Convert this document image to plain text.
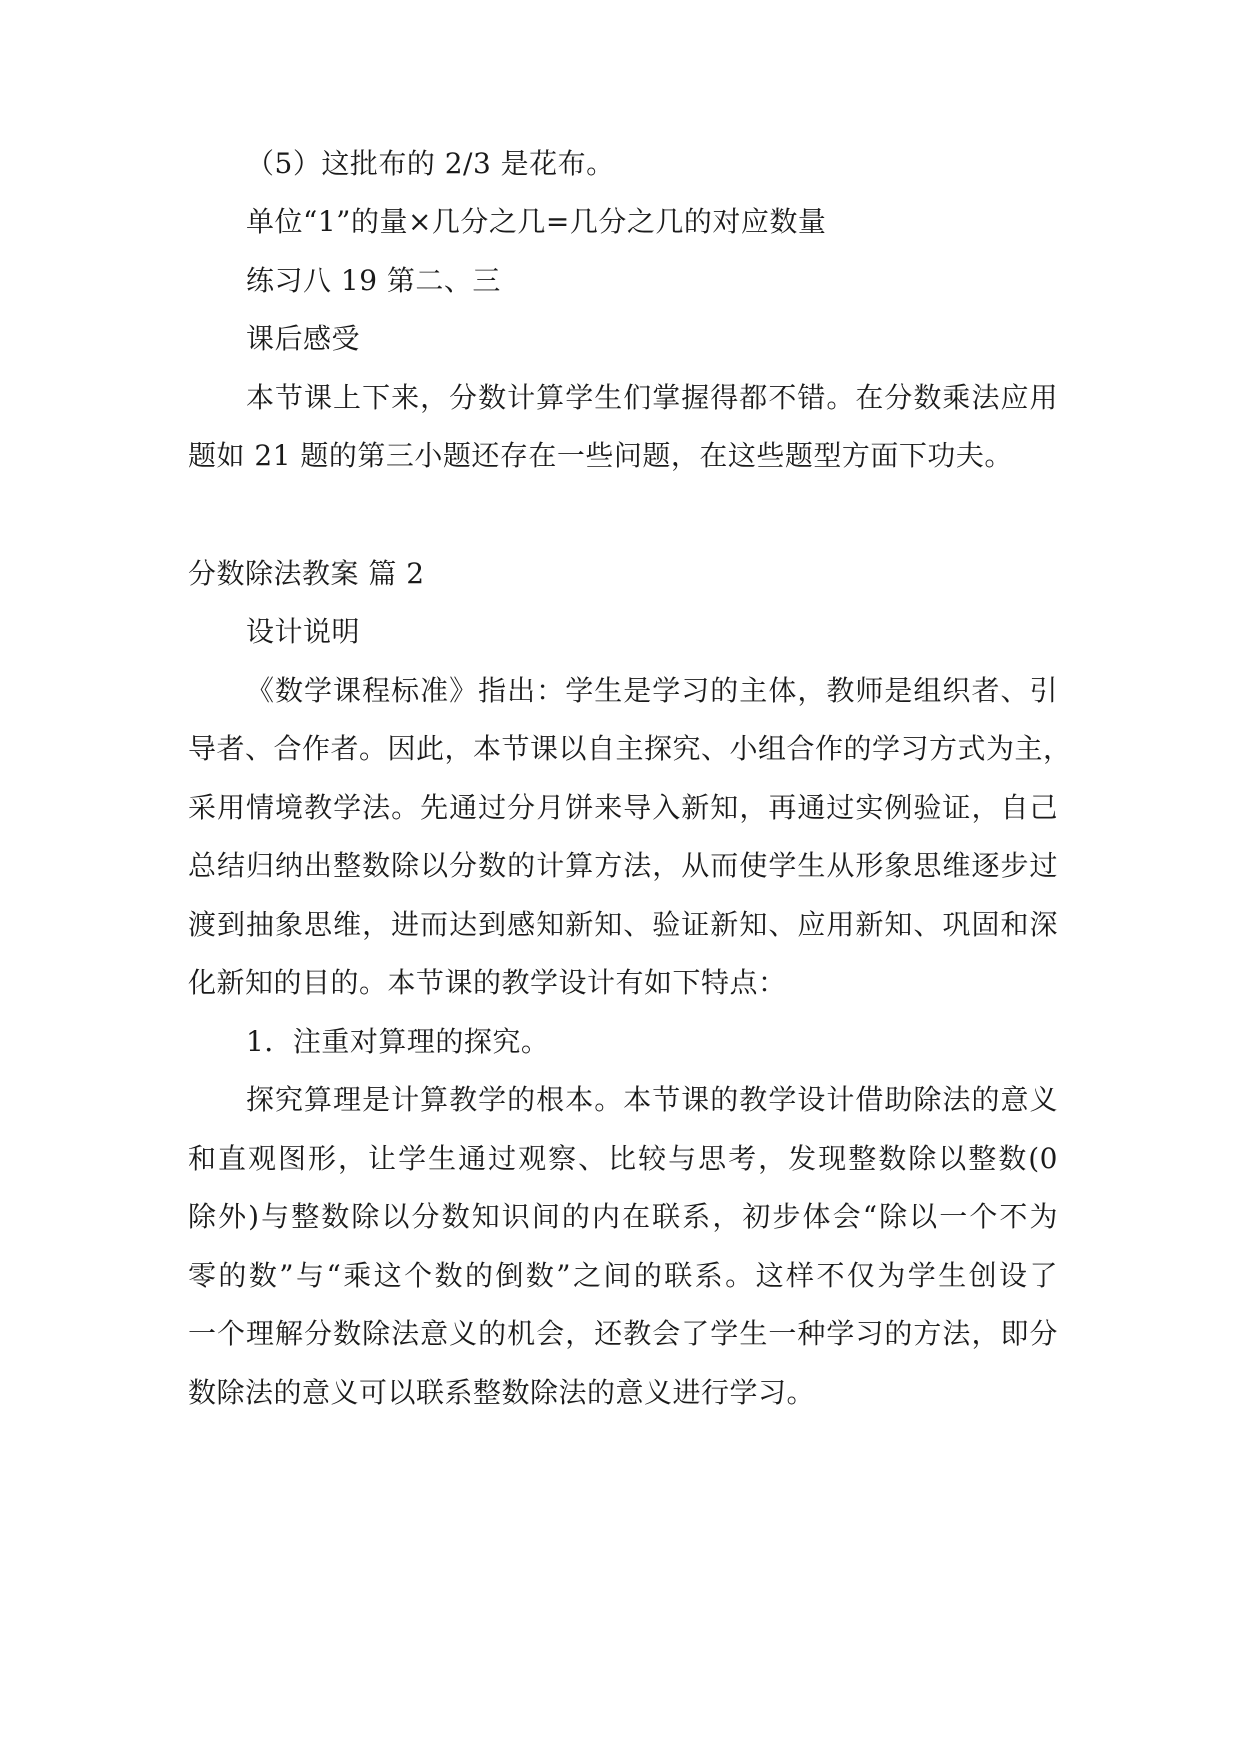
（5）这批布的 2/3 是花布。
单位“1”的量×几分之几=几分之几的对应数量
练习八 19 第二、三
课后感受
本节课上下来，分数计算学生们掌握得都不错。在分数乘法应用
题如 21 题的第三小题还存在一些问题，在这些题型方面下功夫。
分数除法教案 篇 2
设计说明
《数学课程标准》指出：学生是学习的主体，教师是组织者、引
导者、合作者。因此，本节课以自主探究、小组合作的学习方式为主，
采用情境教学法。先通过分月饼来导入新知，再通过实例验证，自己
总结归纳出整数除以分数的计算方法，从而使学生从形象思维逐步过
渡到抽象思维，进而达到感知新知、验证新知、应用新知、巩固和深
化新知的目的。本节课的教学设计有如下特点：
1．注重对算理的探究。
探究算理是计算教学的根本。本节课的教学设计借助除法的意义
和直观图形，让学生通过观察、比较与思考，发现整数除以整数(0
除外)与整数除以分数知识间的内在联系，初步体会“除以一个不为
零的数”与“乘这个数的倒数”之间的联系。这样不仅为学生创设了
一个理解分数除法意义的机会，还教会了学生一种学习的方法，即分
数除法的意义可以联系整数除法的意义进行学习。
